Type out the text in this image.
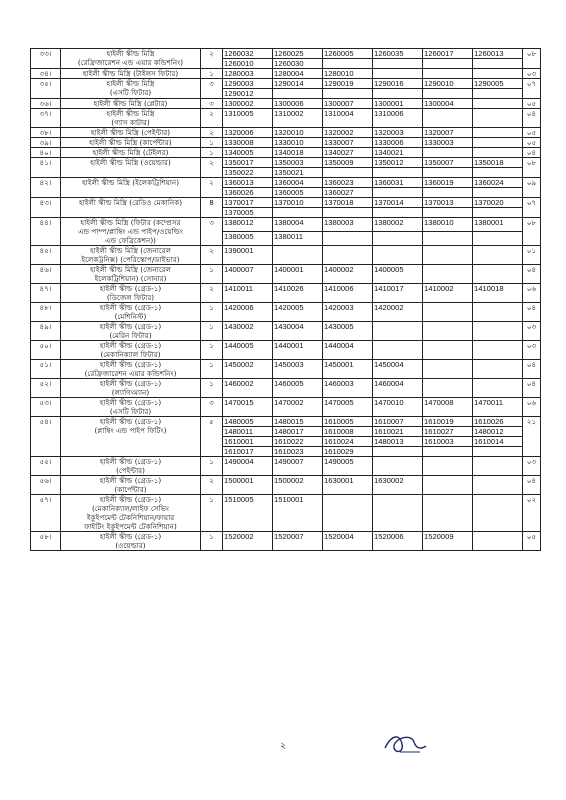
৩৩।	হাইলী স্কীল্ড মিস্ত্রি
(রেফ্রিজারেশন এন্ড এয়ার কন্ডিশনিং)	২	1260032	1260025	1260005	1260035	1260017	1260013	০৮
			1260010	1260030					
৩৪।	হাইলী স্কীল্ড মিস্ত্রি (টাইলস ফিটার)	১	1280003	1280004	1280010				০৩
৩৫।	হাইলী স্কীল্ড মিস্ত্রি
(এসটি ফিটার)	৩	1290003	1290014	1290019	1290016	1290010	1290005	০৭
			1290012						
৩৬।	হাইলী স্কীল্ড মিস্ত্রি (প্লেটার)	৩	1300002	1300006	1300007	1300001	1300004		০৫
৩৭।	হাইলী স্কীল্ড মিস্ত্রি
(গ্যাস কাটার)	২	1310005	1310002	1310004	1310006			০৪
৩৮।	হাইলী স্কীল্ড মিস্ত্রি (পেইন্টার)	২	1320006	1320010	1320002	1320003	1320007		০৫
৩৯।	হাইলী স্কীল্ড মিস্ত্রি (কার্পেন্টার)	১	1330008	1330010	1330007	1330006	1330003		০৫
৪০।	হাইলী স্কীল্ড মিস্ত্রি (টেইলর)	১	1340005	1340018	1340027	1340021			০৪
৪১।	হাইলী স্কীল্ড মিস্ত্রি (ওয়েল্ডার)	২	1350017	1350003	1350009	1350012	1350007	1350018	০৮
			1350022	1350021					
৪২।	হাইলী স্কীল্ড মিস্ত্রি (ইলেকট্রিশিয়ান)	২	1360013	1360004	1360023	1360031	1360019	1360024	০৯
			1360026	1360005	1360027				
৪৩।	হাইলী স্কীল্ড মিস্ত্রি (রেডিও মেকানিক)	8	1370017	1370010	1370018	1370014	1370013	1370020	০৭
			1370005						
৪৪।	হাইলী স্কীল্ড মিস্ত্রি (ফিটার (কম্প্রেসর
এন্ড পাম্প/প্লাম্বিং এন্ড পাইপ/ওয়েল্ডিং
এন্ড ফেব্রিকেশন))	৩	1380012	1380004	1380003	1380002	1380010	1380001	০৮
			1380005	1380011					
৪৫।	হাইলী স্কীল্ড মিস্ত্রি (জেনারেল
ইলেকট্রনিক্স) (পেরিস্কোপ/ডাইভার)	২	1390001						০১
৪৬।	হাইলী স্কীল্ড মিস্ত্রি (জেনারেল
ইলেকট্রিশিয়ান) (সোনার)	১	1400007	1400001	1400002	1400005			০৪
৪৭।	হাইলী স্কীল্ড (গ্রেড-১)
(ডিজেল ফিটার)	২	1410011	1410026	1410006	1410017	1410002	1410018	০৬
৪৮।	হাইলী স্কীল্ড (গ্রেড-১)
(মেশিনিস্ট)	১	1420006	1420005	1420003	1420002			০৪
৪৯।	হাইলী স্কীল্ড (গ্রেড-১)
(মেরিন ফিটার)	১	1430002	1430004	1430005				০৩
৫০।	হাইলী স্কীল্ড (গ্রেড-১)
(মেকানিক্যাল ফিটার)	১	1440005	1440001	1440004				০৩
৫১।	হাইলী স্কীল্ড (গ্রেড-১)
(রেফ্রিজারেশন এয়ার কন্ডিশনিং)	১	1450002	1450003	1450001	1450004			০৪
৫২।	হাইলী স্কীল্ড (গ্রেড-১)
(ল্যাগিংম্যান)	১	1460002	1460005	1460003	1460004			০৪
৫৩।	হাইলী স্কীল্ড (গ্রেড-১)
(এসটি ফিটার)	৩	1470015	1470002	1470005	1470010	1470008	1470011	০৬
৫৪।	হাইলী স্কীল্ড (গ্রেড-১)
(প্লাম্বিং এন্ড পাইপ ফিটিং)	৫	1480005	1480015	1610005	1610007	1610019	1610026	২১
			1480011	1480017	1610008	1610021	1610027	1480012	
			1610001	1610022	1610024	1480013	1610003	1610014	
			1610017	1610023	1610029				
৫৫।	হাইলী স্কীল্ড (গ্রেড-১)
(পেইন্টার)	১	1490004	1490007	1490005				০৩
৫৬।	হাইলী স্কীল্ড (গ্রেড-১)
(কার্পেন্টার)	২	1500001	1500002	1630001	1630002			০৪
৫৭।	হাইলী স্কীল্ড (গ্রেড-১)
(মেকানিক্যাল/লাইফ সেভিং
ইকুইপমেন্ট টেকনিশিয়ান/ফায়ার
ফাইটিং ইকুইপমেন্ট টেকনিশিয়ান)	১	1510005	1510001					০২
৫৮।	হাইলী স্কীল্ড (গ্রেড-১)
(ওয়েল্ডার)	১	1520002	1520007	1520004	1520006	1520009		০৫
২
